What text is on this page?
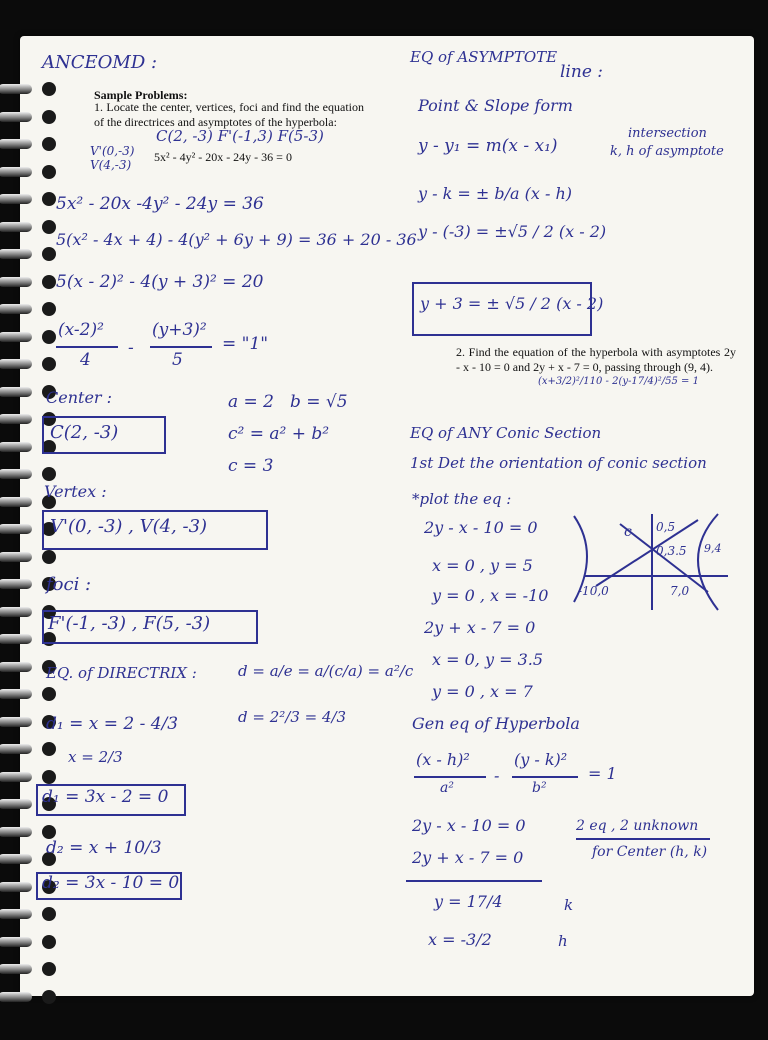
ANCEOMD :
Sample Problems:
1. Locate the center, vertices, foci and find the equation of the directrices and asymptotes of the hyperbola:
C(2, -3) F'(-1,3) F(5-3)
V'(0,-3)
V(4,-3)
5x² - 4y² - 20x - 24y - 36 = 0
5x² - 20x -4y² - 24y = 36
5(x² - 4x + 4) - 4(y² + 6y + 9) = 36 + 20 - 36
5(x - 2)² - 4(y + 3)² = 20
(x-2)²
4
-
(y+3)²
5
= "1"
Center :
C(2, -3)
a = 2 b = √5
c² = a² + b²
c = 3
Vertex :
V'(0, -3) , V(4, -3)
foci :
F'(-1, -3) , F(5, -3)
EQ. of DIRECTRIX :	d = a/e = a/(c/a) = a²/c
d = 2²/3 = 4/3
d₁ = x = 2 - 4/3
x = 2/3
d₁ = 3x - 2 = 0
d₂ = x + 10/3
d₂ = 3x - 10 = 0
EQ of ASYMPTOTE
line :
Point & Slope form
intersection
k, h of asymptote
y - y₁ = m(x - x₁)
y - k = ± b/a (x - h)
y - (-3) = ±√5 / 2 (x - 2)
y + 3 = ± √5 / 2 (x - 2)
2. Find the equation of the hyperbola with asymptotes 2y - x - 10 = 0 and 2y + x - 7 = 0, passing through (9, 4).
(x+3/2)²/110 - 2(y-17/4)²/55 = 1
EQ of ANY Conic Section
1st Det the orientation of conic section
*plot the eq :
2y - x - 10 = 0
x = 0 , y = 5
y = 0 , x = -10
2y + x - 7 = 0
x = 0, y = 3.5
y = 0 , x = 7
c 0,5
0,3.5 9,4
-10,0	7,0
Gen eq of Hyperbola
(x - h)²
a²
-
(y - k)²
b²
= 1
2y - x - 10 = 0
2y + x - 7 = 0
2 eq , 2 unknown
for Center (h, k)
y = 17/4	k
x = -3/2	h
